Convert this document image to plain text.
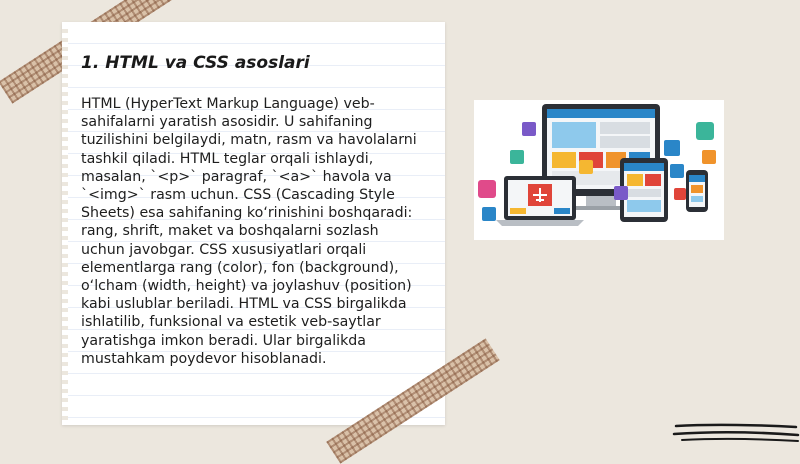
1. HTML va CSS asoslari

HTML (HyperText Markup Language) veb-sahifalarni yaratish asosidir. U sahifaning tuzilishini belgilaydi, matn, rasm va havolalarni tashkil qiladi. HTML teglar orqali ishlaydi, masalan, `<p>` paragraf, `<a>` havola va `<img>` rasm uchun. CSS (Cascading Style Sheets) esa sahifaning ko‘rinishini boshqaradi: rang, shrift, maket va boshqalarni sozlash uchun javobgar. CSS xususiyatlari orqali elementlarga rang (color), fon (background), o‘lcham (width, height) va joylashuv (position) kabi uslublar beriladi. HTML va CSS birgalikda ishlatilib, funksional va estetik veb-saytlar yaratishga imkon beradi. Ular birgalikda mustahkam poydevor hisoblanadi.
